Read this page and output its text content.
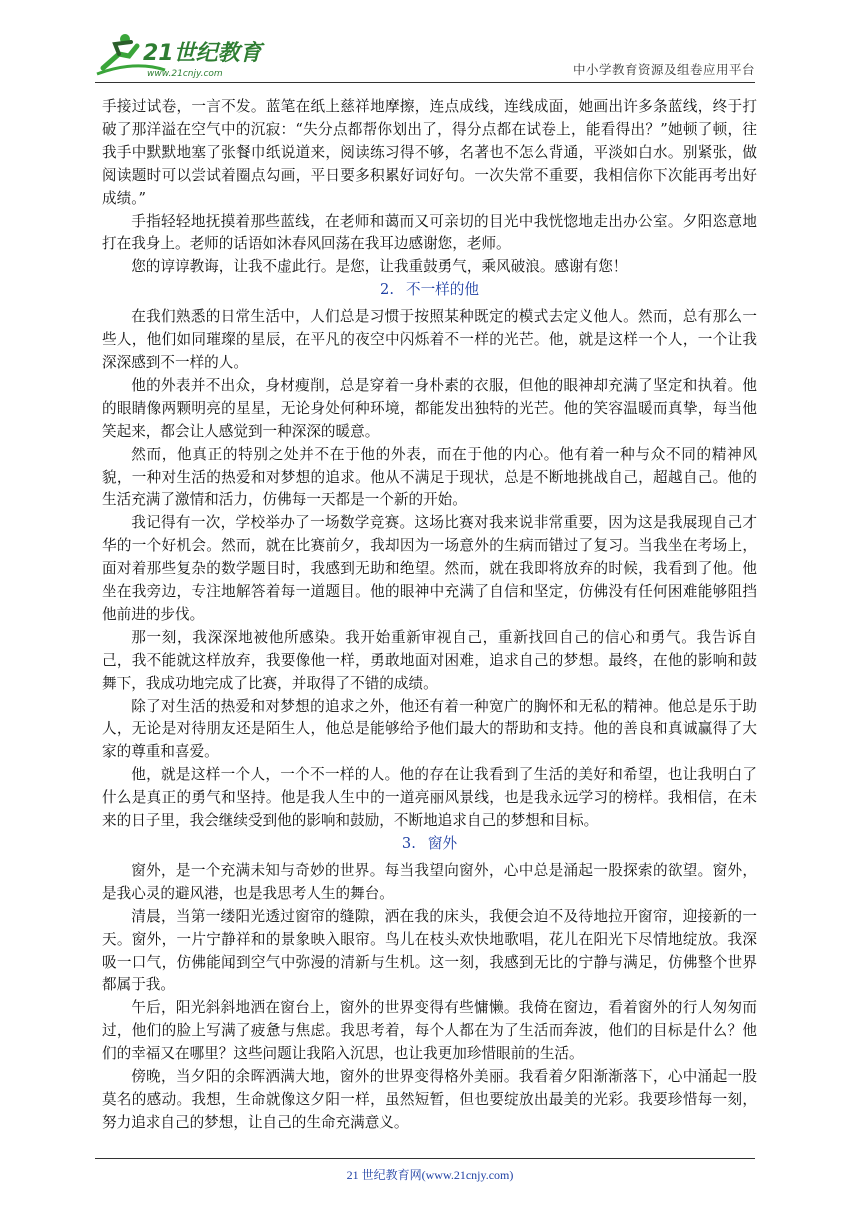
21世纪教育
www.21cnjy.com	中小学教育资源及组卷应用平台

手接过试卷，一言不发。蓝笔在纸上慈祥地摩擦，连点成线，连线成面，她画出许多条蓝线，终于打破了那洋溢在空气中的沉寂：“失分点都帮你划出了，得分点都在试卷上，能看得出？”她顿了顿，往我手中默默地塞了张餐巾纸说道来，阅读练习得不够，名著也不怎么背通，平淡如白水。别紧张，做阅读题时可以尝试着圈点勾画，平日要多积累好词好句。一次失常不重要，我相信你下次能再考出好成绩。”

手指轻轻地抚摸着那些蓝线，在老师和蔼而又可亲切的目光中我恍惚地走出办公室。夕阳恣意地打在我身上。老师的话语如沐春风回荡在我耳边感谢您，老师。

您的谆谆教诲，让我不虚此行。是您，让我重鼓勇气，乘风破浪。感谢有您！

2. 不一样的他

在我们熟悉的日常生活中，人们总是习惯于按照某种既定的模式去定义他人。然而，总有那么一些人，他们如同璀璨的星辰，在平凡的夜空中闪烁着不一样的光芒。他，就是这样一个人，一个让我深深感到不一样的人。

他的外表并不出众，身材瘦削，总是穿着一身朴素的衣服，但他的眼神却充满了坚定和执着。他的眼睛像两颗明亮的星星，无论身处何种环境，都能发出独特的光芒。他的笑容温暖而真挚，每当他笑起来，都会让人感觉到一种深深的暖意。

然而，他真正的特别之处并不在于他的外表，而在于他的内心。他有着一种与众不同的精神风貌，一种对生活的热爱和对梦想的追求。他从不满足于现状，总是不断地挑战自己，超越自己。他的生活充满了激情和活力，仿佛每一天都是一个新的开始。

我记得有一次，学校举办了一场数学竞赛。这场比赛对我来说非常重要，因为这是我展现自己才华的一个好机会。然而，就在比赛前夕，我却因为一场意外的生病而错过了复习。当我坐在考场上，面对着那些复杂的数学题目时，我感到无助和绝望。然而，就在我即将放弃的时候，我看到了他。他坐在我旁边，专注地解答着每一道题目。他的眼神中充满了自信和坚定，仿佛没有任何困难能够阻挡他前进的步伐。

那一刻，我深深地被他所感染。我开始重新审视自己，重新找回自己的信心和勇气。我告诉自己，我不能就这样放弃，我要像他一样，勇敢地面对困难，追求自己的梦想。最终，在他的影响和鼓舞下，我成功地完成了比赛，并取得了不错的成绩。

除了对生活的热爱和对梦想的追求之外，他还有着一种宽广的胸怀和无私的精神。他总是乐于助人，无论是对待朋友还是陌生人，他总是能够给予他们最大的帮助和支持。他的善良和真诚赢得了大家的尊重和喜爱。

他，就是这样一个人，一个不一样的人。他的存在让我看到了生活的美好和希望，也让我明白了什么是真正的勇气和坚持。他是我人生中的一道亮丽风景线，也是我永远学习的榜样。我相信，在未来的日子里，我会继续受到他的影响和鼓励，不断地追求自己的梦想和目标。

3. 窗外

窗外，是一个充满未知与奇妙的世界。每当我望向窗外，心中总是涌起一股探索的欲望。窗外，是我心灵的避风港，也是我思考人生的舞台。

清晨，当第一缕阳光透过窗帘的缝隙，洒在我的床头，我便会迫不及待地拉开窗帘，迎接新的一天。窗外，一片宁静祥和的景象映入眼帘。鸟儿在枝头欢快地歌唱，花儿在阳光下尽情地绽放。我深吸一口气，仿佛能闻到空气中弥漫的清新与生机。这一刻，我感到无比的宁静与满足，仿佛整个世界都属于我。

午后，阳光斜斜地洒在窗台上，窗外的世界变得有些慵懒。我倚在窗边，看着窗外的行人匆匆而过，他们的脸上写满了疲惫与焦虑。我思考着，每个人都在为了生活而奔波，他们的目标是什么？他们的幸福又在哪里？这些问题让我陷入沉思，也让我更加珍惜眼前的生活。

傍晚，当夕阳的余晖洒满大地，窗外的世界变得格外美丽。我看着夕阳渐渐落下，心中涌起一股莫名的感动。我想，生命就像这夕阳一样，虽然短暂，但也要绽放出最美的光彩。我要珍惜每一刻，努力追求自己的梦想，让自己的生命充满意义。

21 世纪教育网(www.21cnjy.com)
